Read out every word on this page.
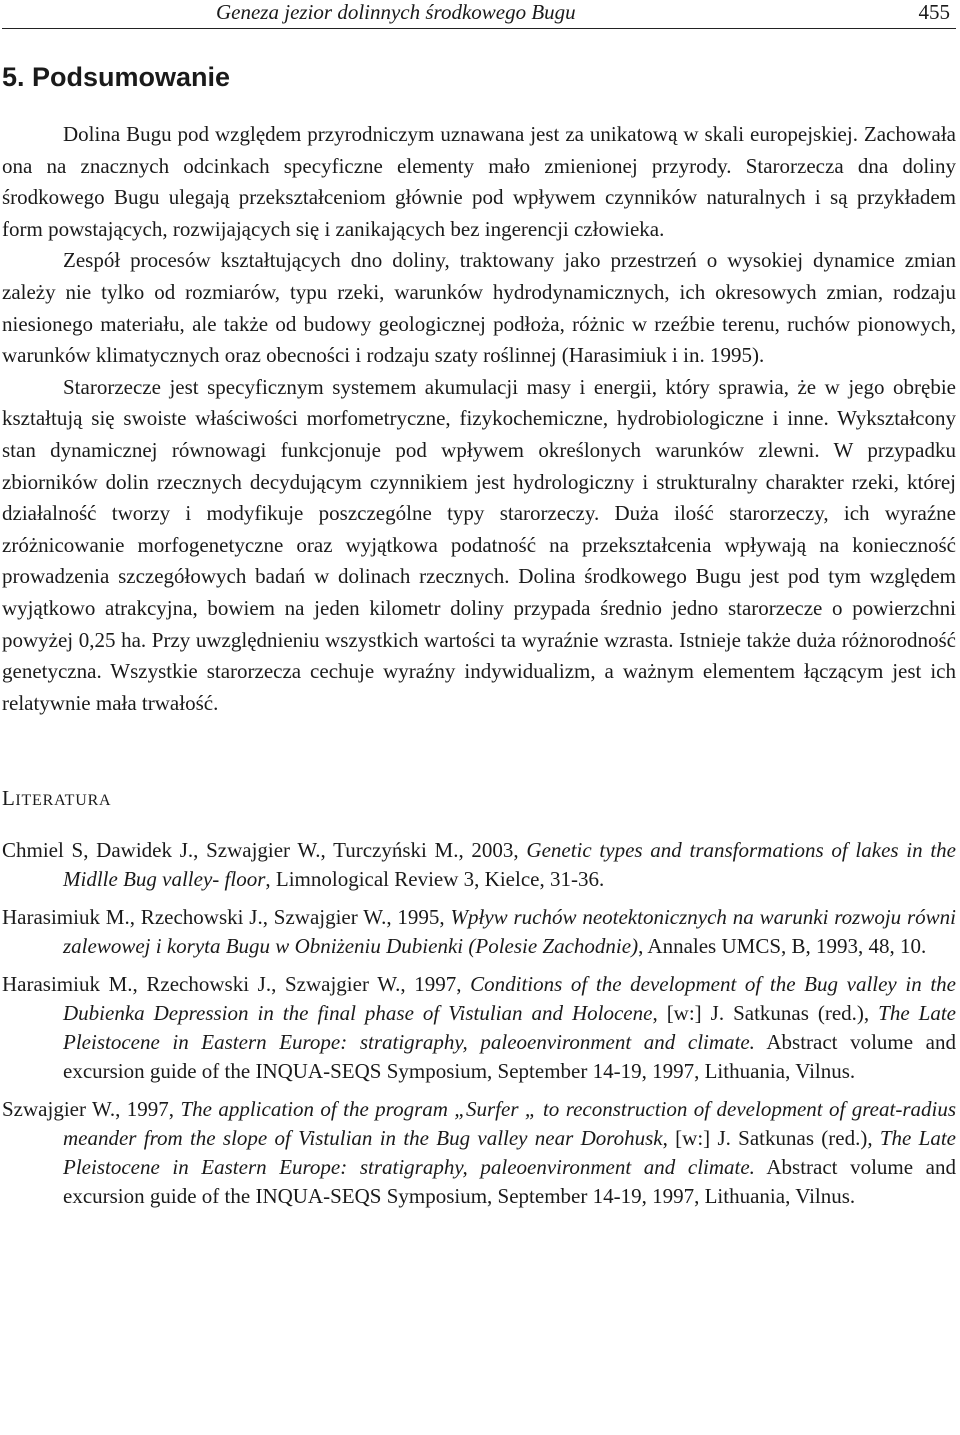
Geneza jezior dolinnych środkowego Bugu	455
5. Podsumowanie

Dolina Bugu pod względem przyrodniczym uznawana jest za unikatową w skali europejskiej. Zachowała ona na znacznych odcinkach specyficzne elementy mało zmienionej przyrody. Starorzecza dna doliny środkowego Bugu ulegają przekształceniom głównie pod wpływem czynników naturalnych i są przykładem form powstających, rozwijających się i zanikających bez ingerencji człowieka.

Zespół procesów kształtujących dno doliny, traktowany jako przestrzeń o wysokiej dynamice zmian zależy nie tylko od rozmiarów, typu rzeki, warunków hydrodynamicznych, ich okresowych zmian, rodzaju niesionego materiału, ale także od budowy geologicznej podłoża, różnic w rzeźbie terenu, ruchów pionowych, warunków klimatycznych oraz obecności i rodzaju szaty roślinnej (Harasimiuk i in. 1995).

Starorzecze jest specyficznym systemem akumulacji masy i energii, który sprawia, że w jego obrębie kształtują się swoiste właściwości morfometryczne, fizykochemiczne, hydrobiologiczne i inne. Wykształcony stan dynamicznej równowagi funkcjonuje pod wpływem określonych warunków zlewni. W przypadku zbiorników dolin rzecznych decydującym czynnikiem jest hydrologiczny i strukturalny charakter rzeki, której działalność tworzy i modyfikuje poszczególne typy starorzeczy. Duża ilość starorzeczy, ich wyraźne zróżnicowanie morfogenetyczne oraz wyjątkowa podatność na przekształcenia wpływają na konieczność prowadzenia szczegółowych badań w dolinach rzecznych. Dolina środkowego Bugu jest pod tym względem wyjątkowo atrakcyjna, bowiem na jeden kilometr doliny przypada średnio jedno starorzecze o powierzchni powyżej 0,25 ha. Przy uwzględnieniu wszystkich wartości ta wyraźnie wzrasta. Istnieje także duża różnorodność genetyczna. Wszystkie starorzecza cechuje wyraźny indywidualizm, a ważnym elementem łączącym jest ich relatywnie mała trwałość.

LITERATURA
Chmiel S, Dawidek J., Szwajgier W., Turczyński M., 2003, Genetic types and transformations of lakes in the Midlle Bug valley- floor, Limnological Review 3, Kielce, 31-36.
Harasimiuk M., Rzechowski J., Szwajgier W., 1995, Wpływ ruchów neotektonicznych na warunki rozwoju równi zalewowej i koryta Bugu w Obniżeniu Dubienki (Polesie Zachodnie), Annales UMCS, B, 1993, 48, 10.
Harasimiuk M., Rzechowski J., Szwajgier W., 1997, Conditions of the development of the Bug valley in the Dubienka Depression in the final phase of Vistulian and Holocene, [w:] J. Satkunas (red.), The Late Pleistocene in Eastern Europe: stratigraphy, paleoenvironment and climate. Abstract volume and excursion guide of the INQUA-SEQS Symposium, September 14-19, 1997, Lithuania, Vilnus.
Szwajgier W., 1997, The application of the program „Surfer „ to reconstruction of development of great-radius meander from the slope of Vistulian in the Bug valley near Dorohusk, [w:] J. Satkunas (red.), The Late Pleistocene in Eastern Europe: stratigraphy, paleoenvironment and climate. Abstract volume and excursion guide of the INQUA-SEQS Symposium, September 14-19, 1997, Lithuania, Vilnus.
